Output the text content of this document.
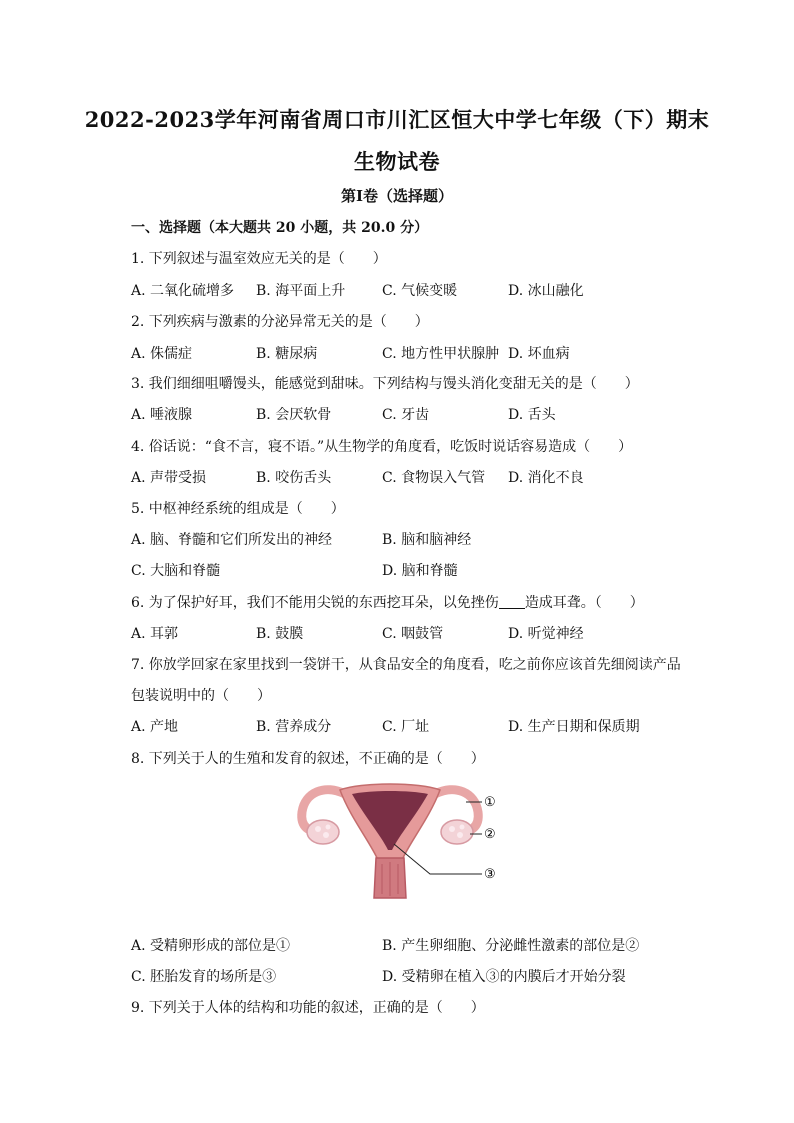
2022-2023学年河南省周口市川汇区恒大中学七年级（下）期末
生物试卷
第I卷（选择题）
一、选择题（本大题共 20 小题，共 20.0 分）
1. 下列叙述与温室效应无关的是（　　）
A. 二氧化硫增多 B. 海平面上升	C. 气候变暖	D. 冰山融化
2. 下列疾病与激素的分泌异常无关的是（　　）
A. 侏儒症	B. 糖尿病	C. 地方性甲状腺肿 D. 坏血病
3. 我们细细咀嚼馒头，能感觉到甜味。下列结构与馒头消化变甜无关的是（　　）
A. 唾液腺	B. 会厌软骨	C. 牙齿	D. 舌头
4. 俗话说：“食不言，寝不语。”从生物学的角度看，吃饭时说话容易造成（　　）
A. 声带受损	B. 咬伤舌头	C. 食物误入气管 D. 消化不良
5. 中枢神经系统的组成是（　　）
A. 脑、脊髓和它们所发出的神经	B. 脑和脑神经
C. 大脑和脊髓	D. 脑和脊髓
6. 为了保护好耳，我们不能用尖锐的东西挖耳朵，以免挫伤 造成耳聋。（　　）
A. 耳郭	B. 鼓膜	C. 咽鼓管	D. 听觉神经
7. 你放学回家在家里找到一袋饼干，从食品安全的角度看，吃之前你应该首先细阅读产品
包装说明中的（　　）
A. 产地	B. 营养成分	C. 厂址	D. 生产日期和保质期
8. 下列关于人的生殖和发育的叙述，不正确的是（　　）
①
②
③
A. 受精卵形成的部位是①	B. 产生卵细胞、分泌雌性激素的部位是②
C. 胚胎发育的场所是③	D. 受精卵在植入③的内膜后才开始分裂
9. 下列关于人体的结构和功能的叙述，正确的是（　　）
